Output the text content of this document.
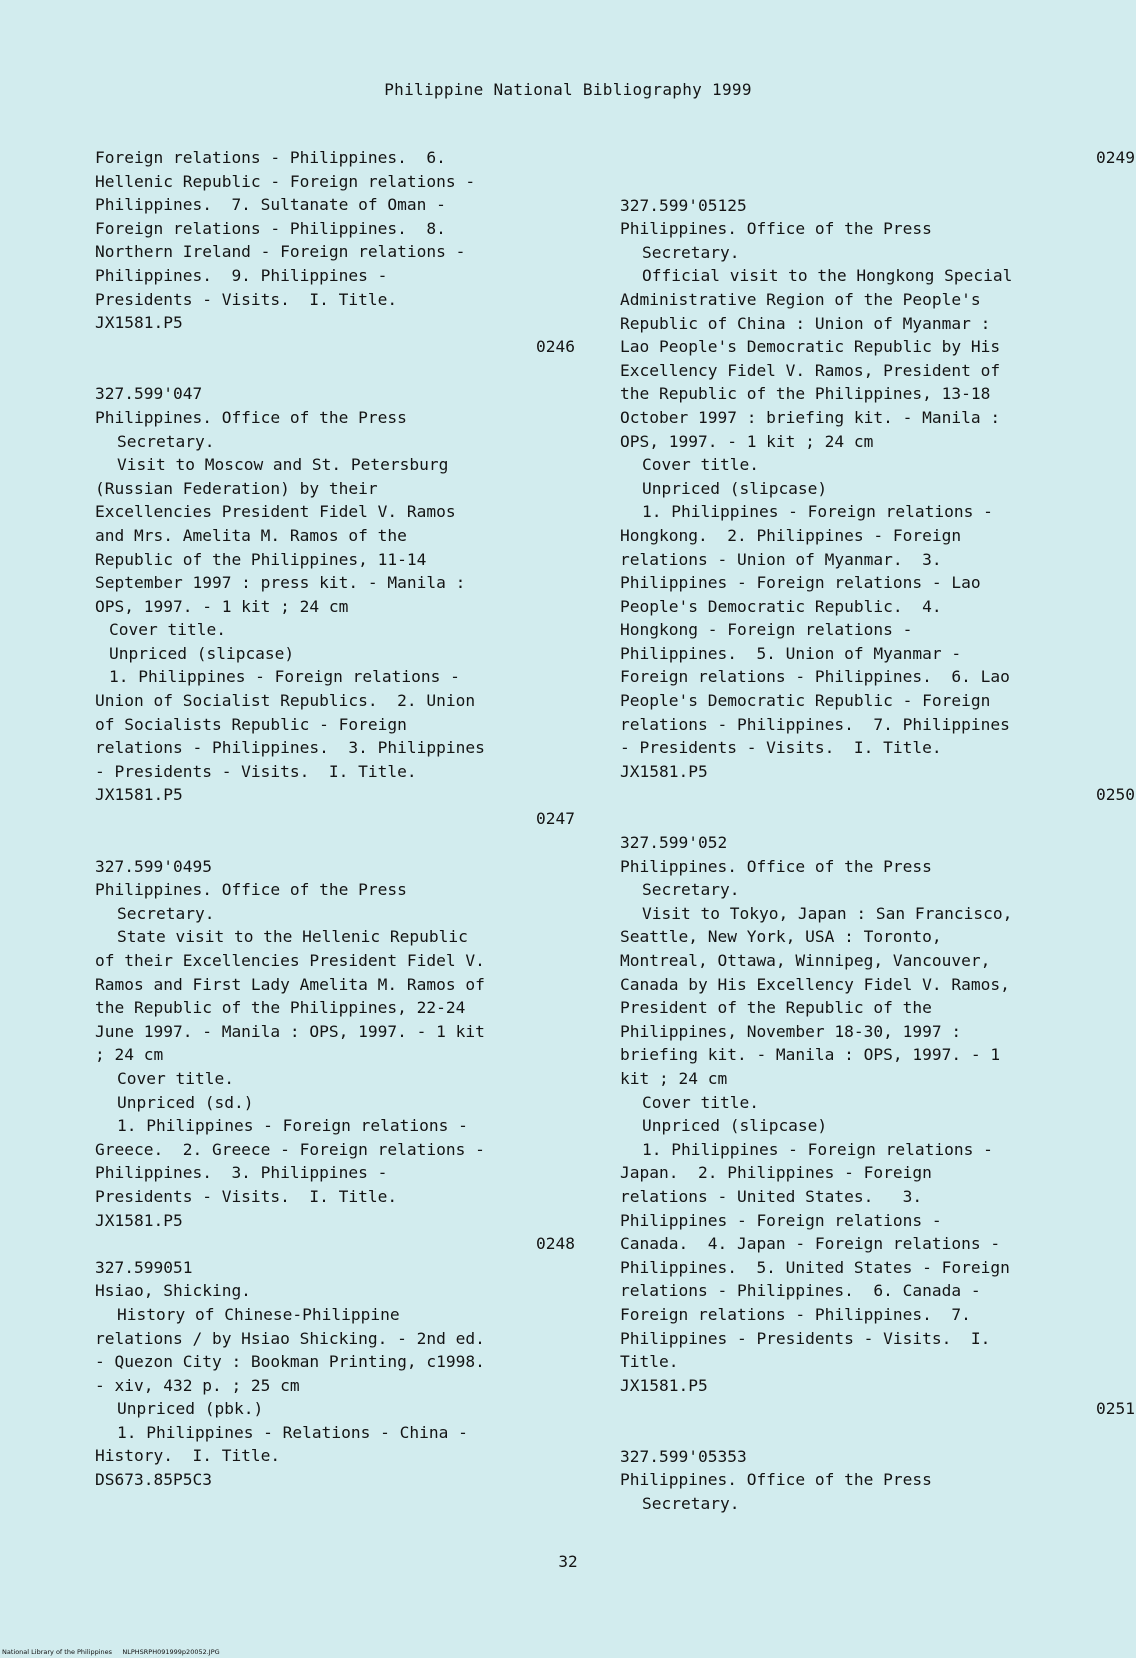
Philippine National Bibliography 1999
Foreign relations - Philippines.  6.
Hellenic Republic - Foreign relations -
Philippines.  7. Sultanate of Oman -
Foreign relations - Philippines.  8.
Northern Ireland - Foreign relations -
Philippines.  9. Philippines -
Presidents - Visits.  I. Title.
JX1581.P5
0246
327.599'047
Philippines. Office of the Press
Secretary.
Visit to Moscow and St. Petersburg
(Russian Federation) by their
Excellencies President Fidel V. Ramos
and Mrs. Amelita M. Ramos of the
Republic of the Philippines, 11-14
September 1997 : press kit. - Manila :
OPS, 1997. - 1 kit ; 24 cm
Cover title.
Unpriced (slipcase)
1. Philippines - Foreign relations -
Union of Socialist Republics.  2. Union
of Socialists Republic - Foreign
relations - Philippines.  3. Philippines
- Presidents - Visits.  I. Title.
JX1581.P5
0247
327.599'0495
Philippines. Office of the Press
Secretary.
State visit to the Hellenic Republic
of their Excellencies President Fidel V.
Ramos and First Lady Amelita M. Ramos of
the Republic of the Philippines, 22-24
June 1997. - Manila : OPS, 1997. - 1 kit
; 24 cm
Cover title.
Unpriced (sd.)
1. Philippines - Foreign relations -
Greece.  2. Greece - Foreign relations -
Philippines.  3. Philippines -
Presidents - Visits.  I. Title.
JX1581.P5
0248
327.599051
Hsiao, Shicking.
History of Chinese-Philippine
relations / by Hsiao Shicking. - 2nd ed.
- Quezon City : Bookman Printing, c1998.
- xiv, 432 p. ; 25 cm
Unpriced (pbk.)
1. Philippines - Relations - China -
History.  I. Title.
DS673.85P5C3
0249
327.599'05125
Philippines. Office of the Press
Secretary.
Official visit to the Hongkong Special
Administrative Region of the People's
Republic of China : Union of Myanmar :
Lao People's Democratic Republic by His
Excellency Fidel V. Ramos, President of
the Republic of the Philippines, 13-18
October 1997 : briefing kit. - Manila :
OPS, 1997. - 1 kit ; 24 cm
Cover title.
Unpriced (slipcase)
1. Philippines - Foreign relations -
Hongkong.  2. Philippines - Foreign
relations - Union of Myanmar.  3.
Philippines - Foreign relations - Lao
People's Democratic Republic.  4.
Hongkong - Foreign relations -
Philippines.  5. Union of Myanmar -
Foreign relations - Philippines.  6. Lao
People's Democratic Republic - Foreign
relations - Philippines.  7. Philippines
- Presidents - Visits.  I. Title.
JX1581.P5
0250
327.599'052
Philippines. Office of the Press
Secretary.
Visit to Tokyo, Japan : San Francisco,
Seattle, New York, USA : Toronto,
Montreal, Ottawa, Winnipeg, Vancouver,
Canada by His Excellency Fidel V. Ramos,
President of the Republic of the
Philippines, November 18-30, 1997 :
briefing kit. - Manila : OPS, 1997. - 1
kit ; 24 cm
Cover title.
Unpriced (slipcase)
1. Philippines - Foreign relations -
Japan.  2. Philippines - Foreign
relations - United States.   3.
Philippines - Foreign relations -
Canada.  4. Japan - Foreign relations -
Philippines.  5. United States - Foreign
relations - Philippines.  6. Canada -
Foreign relations - Philippines.  7.
Philippines - Presidents - Visits.  I.
Title.
JX1581.P5
0251
327.599'05353
Philippines. Office of the Press
Secretary.
32
National Library of the Philippines NLPHSRPH091999p20052.JPG
